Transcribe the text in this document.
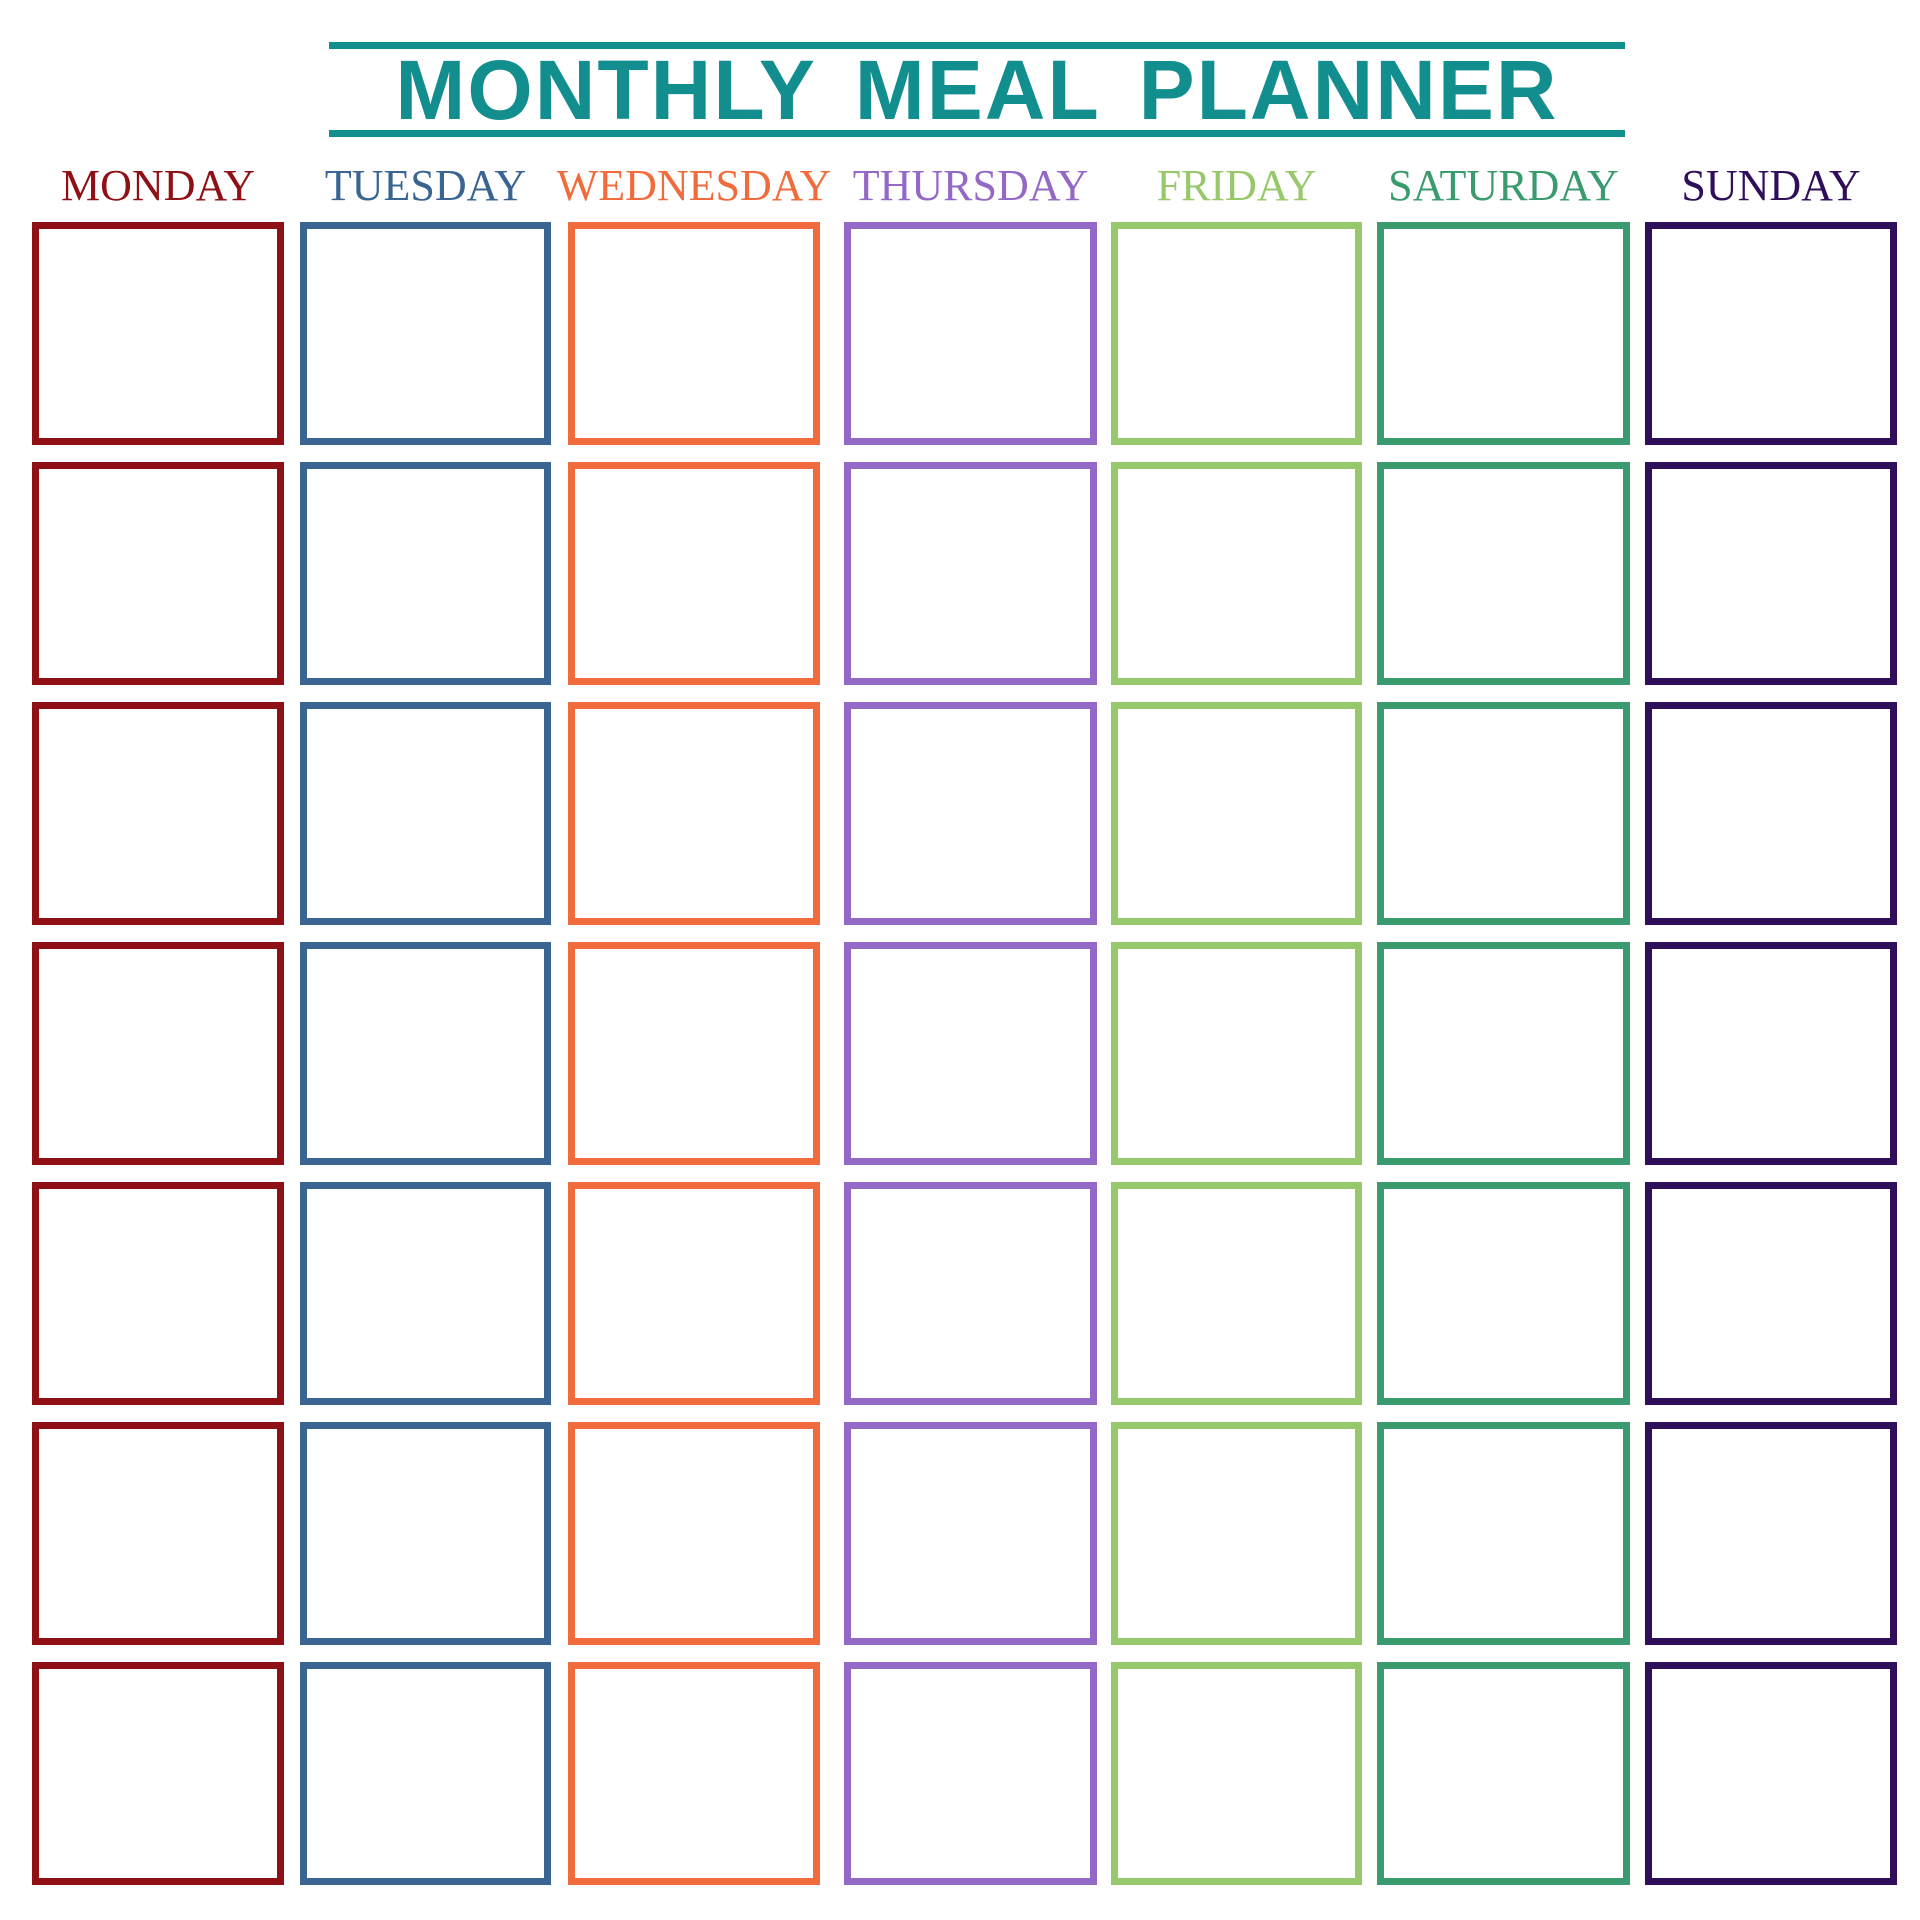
MONTHLY MEAL PLANNER
MONDAY	TUESDAY WEDNESDAY THURSDAY	FRIDAY	SATURDAY	SUNDAY
